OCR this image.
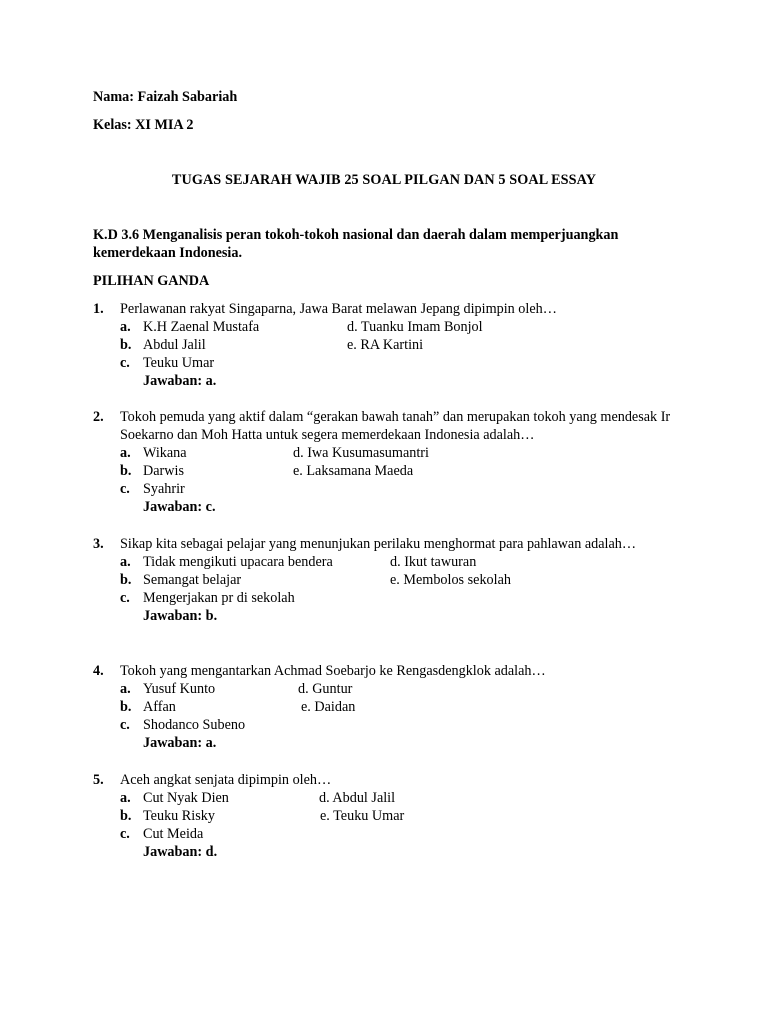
Nama: Faizah Sabariah
Kelas: XI MIA 2
TUGAS SEJARAH WAJIB 25 SOAL PILGAN DAN 5 SOAL ESSAY
K.D 3.6 Menganalisis peran tokoh-tokoh nasional dan daerah dalam memperjuangkan kemerdekaan Indonesia.
PILIHAN GANDA
1.	Perlawanan rakyat Singaparna, Jawa Barat melawan Jepang dipimpin oleh…
a. K.H Zaenal Mustafa	d. Tuanku Imam Bonjol
b. Abdul Jalil	e. RA Kartini
c. Teuku Umar
Jawaban: a.
2.	Tokoh pemuda yang aktif dalam “gerakan bawah tanah” dan merupakan tokoh yang mendesak Ir Soekarno dan Moh Hatta untuk segera memerdekaan Indonesia adalah…
a. Wikana	d. Iwa Kusumasumantri
b. Darwis	e. Laksamana Maeda
c. Syahrir
Jawaban: c.
3.	Sikap kita sebagai pelajar yang menunjukan perilaku menghormat para pahlawan adalah…
a. Tidak mengikuti upacara bendera	d. Ikut tawuran
b. Semangat belajar	e. Membolos sekolah
c. Mengerjakan pr di sekolah
Jawaban: b.
4.	Tokoh yang mengantarkan Achmad Soebarjo ke Rengasdengklok adalah…
a. Yusuf Kunto	d. Guntur
b. Affan	e. Daidan
c. Shodanco Subeno
Jawaban: a.
5.	Aceh angkat senjata dipimpin oleh…
a. Cut Nyak Dien	d. Abdul Jalil
b. Teuku Risky	e. Teuku Umar
c. Cut Meida
Jawaban: d.
